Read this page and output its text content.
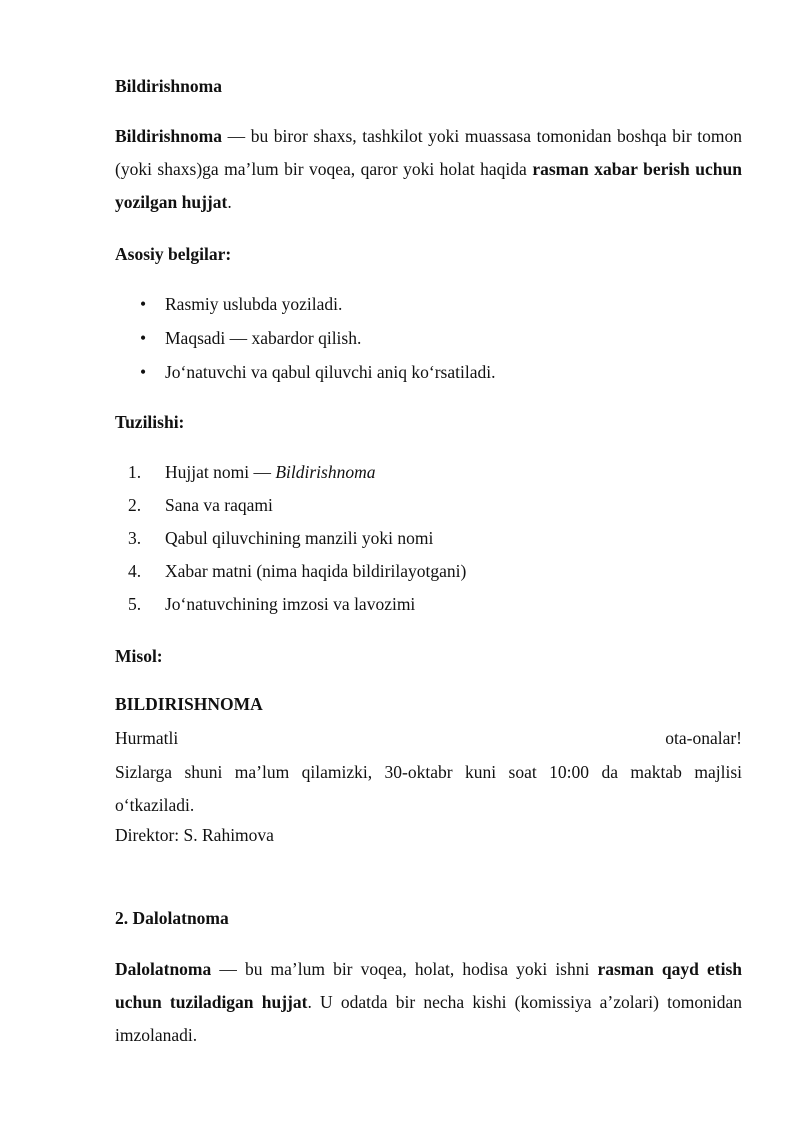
Bildirishnoma
Bildirishnoma — bu biror shaxs, tashkilot yoki muassasa tomonidan boshqa bir tomon (yoki shaxs)ga ma’lum bir voqea, qaror yoki holat haqida rasman xabar berish uchun yozilgan hujjat.
Asosiy belgilar:
• Rasmiy uslubda yoziladi.
• Maqsadi — xabardor qilish.
• Jo‘natuvchi va qabul qiluvchi aniq ko‘rsatiladi.
Tuzilishi:
1. Hujjat nomi — Bildirishnoma
2. Sana va raqami
3. Qabul qiluvchining manzili yoki nomi
4. Xabar matni (nima haqida bildirilayotgani)
5. Jo‘natuvchining imzosi va lavozimi
Misol:
BILDIRISHNOMA
Hurmatli	ota-onalar!
Sizlarga shuni ma’lum qilamizki, 30-oktabr kuni soat 10:00 da maktab majlisi o‘tkaziladi.
Direktor: S. Rahimova
2. Dalolatnoma
Dalolatnoma — bu ma’lum bir voqea, holat, hodisa yoki ishni rasman qayd etish uchun tuziladigan hujjat. U odatda bir necha kishi (komissiya a’zolari) tomonidan imzolanadi.
